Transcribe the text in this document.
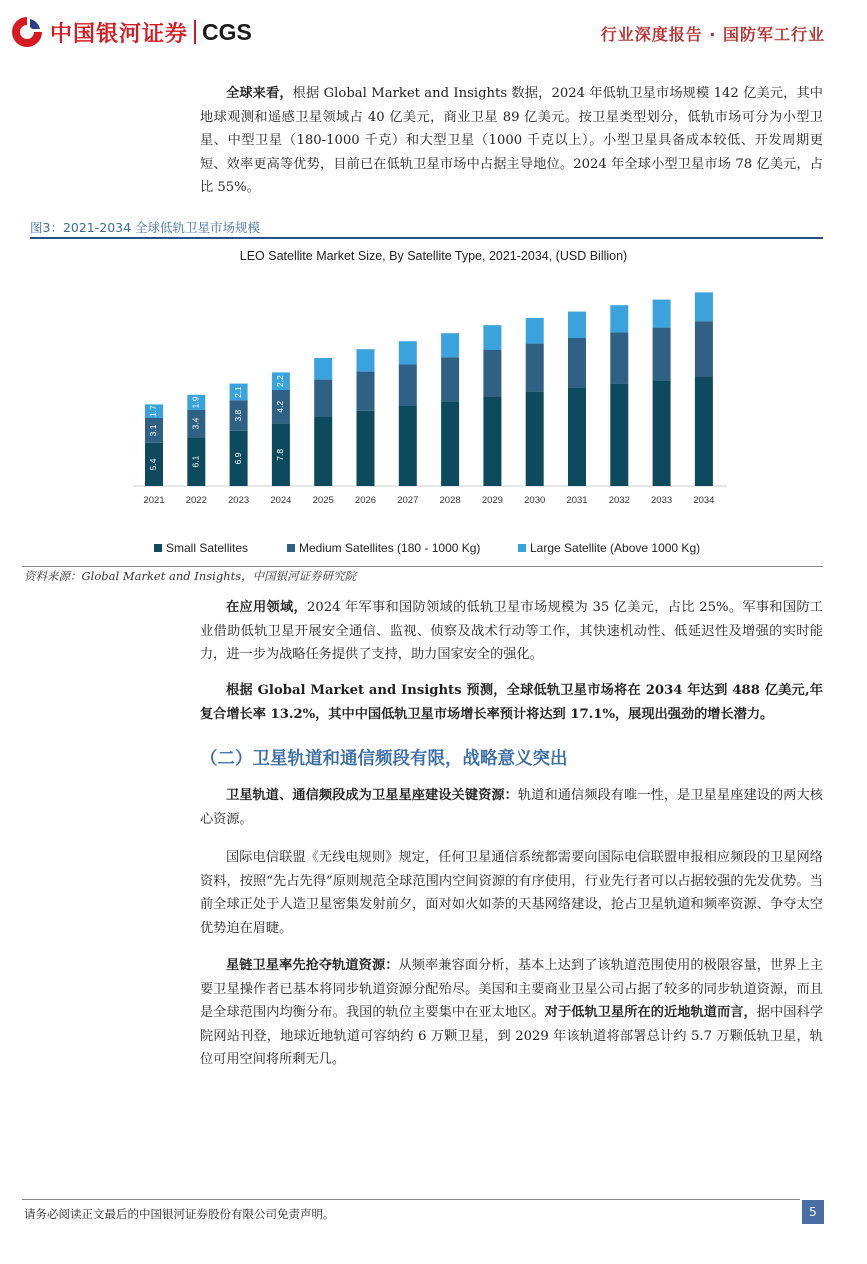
中国银河证券 CGS	行业深度报告 · 国防军工行业

全球来看，根据 Global Market and Insights 数据，2024 年低轨卫星市场规模 142 亿美元，其中地球观测和遥感卫星领域占 40 亿美元，商业卫星 89 亿美元。按卫星类型划分，低轨市场可分为小型卫星、中型卫星（180-1000 千克）和大型卫星（1000 千克以上）。小型卫星具备成本较低、开发周期更短、效率更高等优势，目前已在低轨卫星市场中占据主导地位。2024 年全球小型卫星市场 78 亿美元，占比 55%。

图3：2021-2034 全球低轨卫星市场规模
LEO Satellite Market Size, By Satellite Type, 2021-2034, (USD Billion)
5.4
3.1
1.7
6.1
3.4
1.9
6.9
3.8
2.1
7.8
4.2
2.2
2021 2022 2023 2024 2025 2026 2027 2028 2029 2030 2031 2032 2033 2034
Small Satellites	Medium Satellites (180 - 1000 Kg)	Large Satellite (Above 1000 Kg)
资料来源：Global Market and Insights，中国银河证券研究院

在应用领域，2024 年军事和国防领域的低轨卫星市场规模为 35 亿美元，占比 25%。军事和国防工业借助低轨卫星开展安全通信、监视、侦察及战术行动等工作，其快速机动性、低延迟性及增强的实时能力，进一步为战略任务提供了支持，助力国家安全的强化。

根据 Global Market and Insights 预测，全球低轨卫星市场将在 2034 年达到 488 亿美元,年复合增长率 13.2%，其中中国低轨卫星市场增长率预计将达到 17.1%，展现出强劲的增长潜力。

（二）卫星轨道和通信频段有限，战略意义突出

卫星轨道、通信频段成为卫星星座建设关键资源：轨道和通信频段有唯一性，是卫星星座建设的两大核心资源。

国际电信联盟《无线电规则》规定，任何卫星通信系统都需要向国际电信联盟申报相应频段的卫星网络资料，按照“先占先得”原则规范全球范围内空间资源的有序使用，行业先行者可以占据较强的先发优势。当前全球正处于人造卫星密集发射前夕，面对如火如荼的天基网络建设，抢占卫星轨道和频率资源、争夺太空优势迫在眉睫。

星链卫星率先抢夺轨道资源：从频率兼容面分析，基本上达到了该轨道范围使用的极限容量，世界上主要卫星操作者已基本将同步轨道资源分配殆尽。美国和主要商业卫星公司占据了较多的同步轨道资源，而且是全球范围内均衡分布。我国的轨位主要集中在亚太地区。对于低轨卫星所在的近地轨道而言，据中国科学院网站刊登，地球近地轨道可容纳约 6 万颗卫星，到 2029 年该轨道将部署总计约 5.7 万颗低轨卫星，轨位可用空间将所剩无几。

请务必阅读正文最后的中国银河证券股份有限公司免责声明。	5
